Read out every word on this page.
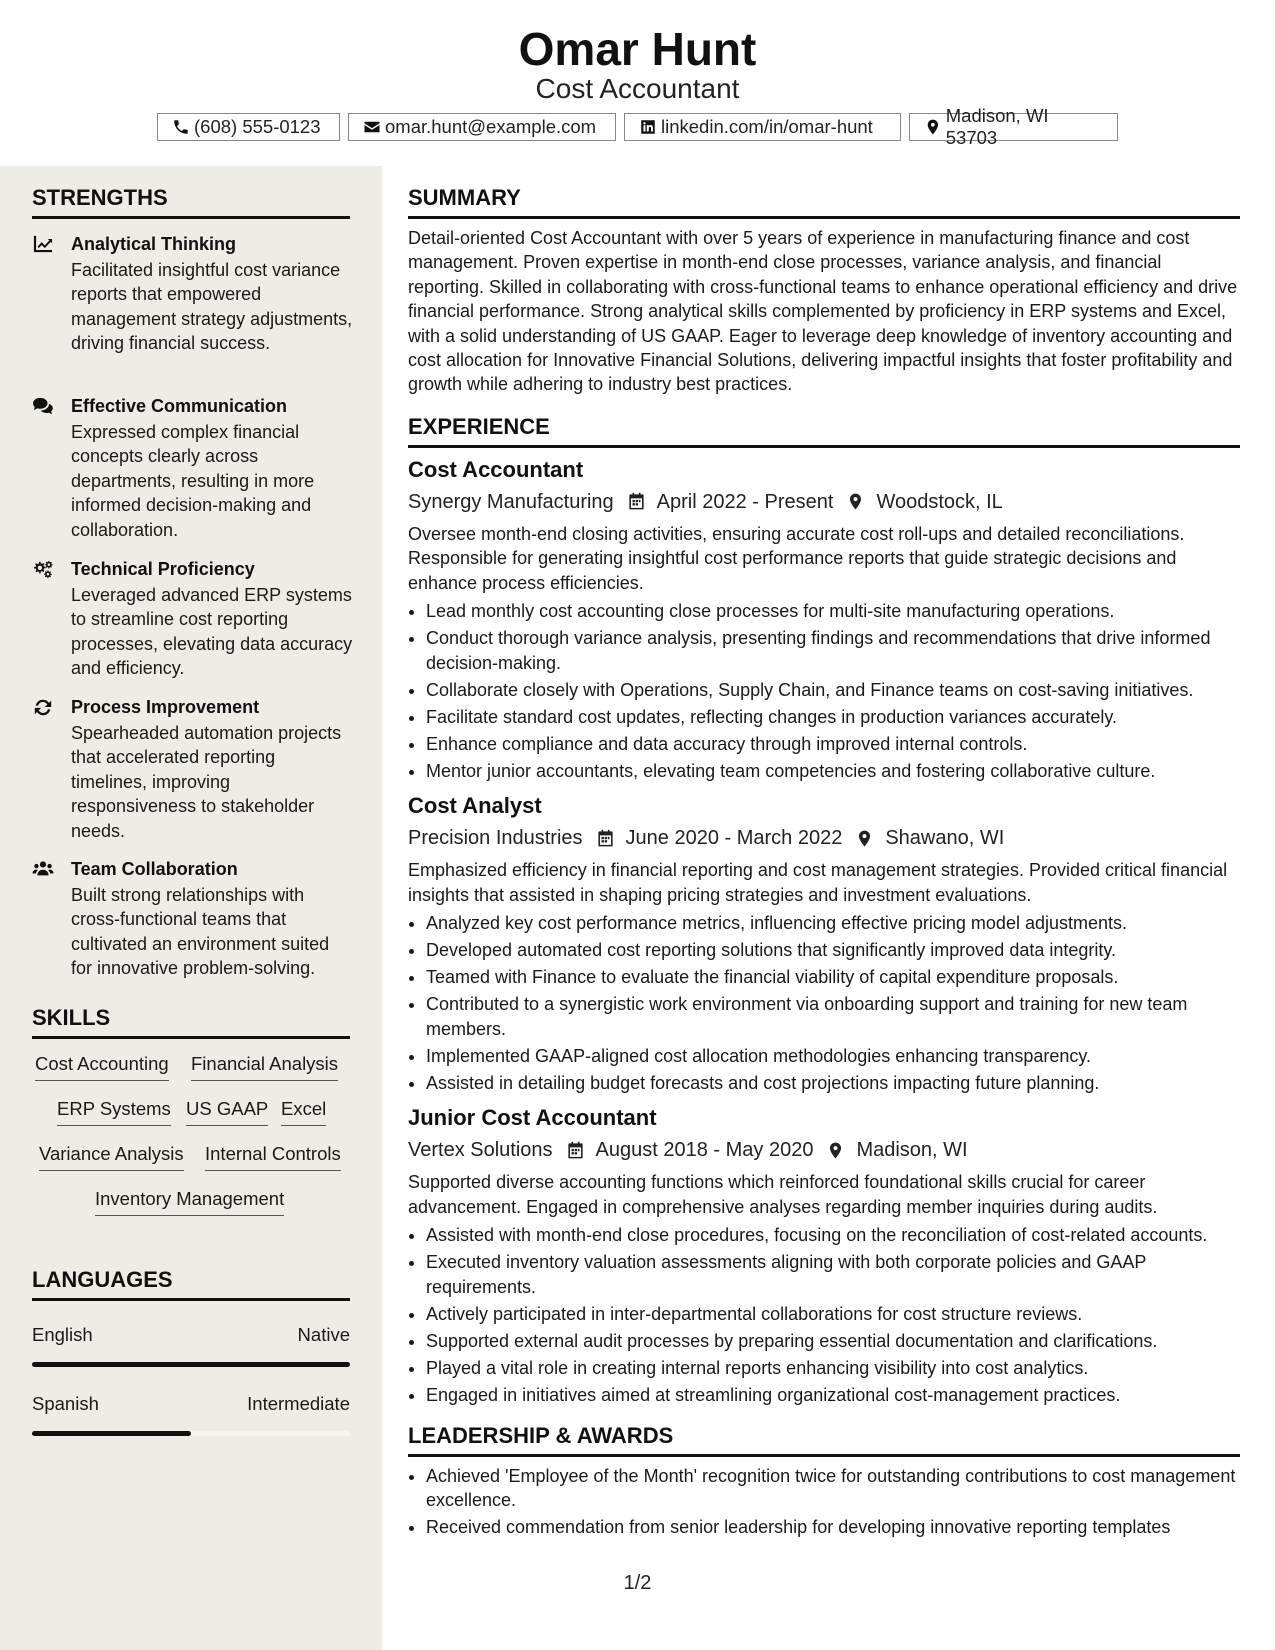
Omar Hunt
Cost Accountant
(608) 555-0123	omar.hunt@example.com	linkedin.com/in/omar-hunt
Madison, WI 53703
STRENGTHS
Analytical Thinking
Facilitated insightful cost variance reports that empowered management strategy adjustments, driving financial success.
Effective Communication
Expressed complex financial concepts clearly across departments, resulting in more informed decision-making and collaboration.
Technical Proficiency
Leveraged advanced ERP systems to streamline cost reporting processes, elevating data accuracy and efficiency.
Process Improvement
Spearheaded automation projects that accelerated reporting timelines, improving responsiveness to stakeholder needs.
Team Collaboration
Built strong relationships with cross-functional teams that cultivated an environment suited for innovative problem-solving.
SKILLS
Cost Accounting Financial Analysis
ERP Systems US GAAP Excel
Variance Analysis Internal Controls
Inventory Management
LANGUAGES
English	Native
Spanish	Intermediate
SUMMARY

Detail-oriented Cost Accountant with over 5 years of experience in manufacturing finance and cost management. Proven expertise in month-end close processes, variance analysis, and financial reporting. Skilled in collaborating with cross-functional teams to enhance operational efficiency and drive financial performance. Strong analytical skills complemented by proficiency in ERP systems and Excel, with a solid understanding of US GAAP. Eager to leverage deep knowledge of inventory accounting and cost allocation for Innovative Financial Solutions, delivering impactful insights that foster profitability and growth while adhering to industry best practices.

EXPERIENCE
Cost Accountant
Synergy Manufacturing April 2022 - Present Woodstock, IL

Oversee month-end closing activities, ensuring accurate cost roll-ups and detailed reconciliations. Responsible for generating insightful cost performance reports that guide strategic decisions and enhance process efficiencies.

• Lead monthly cost accounting close processes for multi-site manufacturing operations.
• Conduct thorough variance analysis, presenting findings and recommendations that drive informed decision-making.
• Collaborate closely with Operations, Supply Chain, and Finance teams on cost-saving initiatives.
• Facilitate standard cost updates, reflecting changes in production variances accurately.
• Enhance compliance and data accuracy through improved internal controls.
• Mentor junior accountants, elevating team competencies and fostering collaborative culture.
Cost Analyst
Precision Industries June 2020 - March 2022 Shawano, WI

Emphasized efficiency in financial reporting and cost management strategies. Provided critical financial insights that assisted in shaping pricing strategies and investment evaluations.

• Analyzed key cost performance metrics, influencing effective pricing model adjustments.
• Developed automated cost reporting solutions that significantly improved data integrity.
• Teamed with Finance to evaluate the financial viability of capital expenditure proposals.
• Contributed to a synergistic work environment via onboarding support and training for new team members.
• Implemented GAAP-aligned cost allocation methodologies enhancing transparency.
• Assisted in detailing budget forecasts and cost projections impacting future planning.
Junior Cost Accountant
Vertex Solutions August 2018 - May 2020 Madison, WI

Supported diverse accounting functions which reinforced foundational skills crucial for career advancement. Engaged in comprehensive analyses regarding member inquiries during audits.

• Assisted with month-end close procedures, focusing on the reconciliation of cost-related accounts.
• Executed inventory valuation assessments aligning with both corporate policies and GAAP requirements.
• Actively participated in inter-departmental collaborations for cost structure reviews.
• Supported external audit processes by preparing essential documentation and clarifications.
• Played a vital role in creating internal reports enhancing visibility into cost analytics.
• Engaged in initiatives aimed at streamlining organizational cost-management practices.
LEADERSHIP & AWARDS
• Achieved 'Employee of the Month' recognition twice for outstanding contributions to cost management excellence.
• Received commendation from senior leadership for developing innovative reporting templates
1/2
